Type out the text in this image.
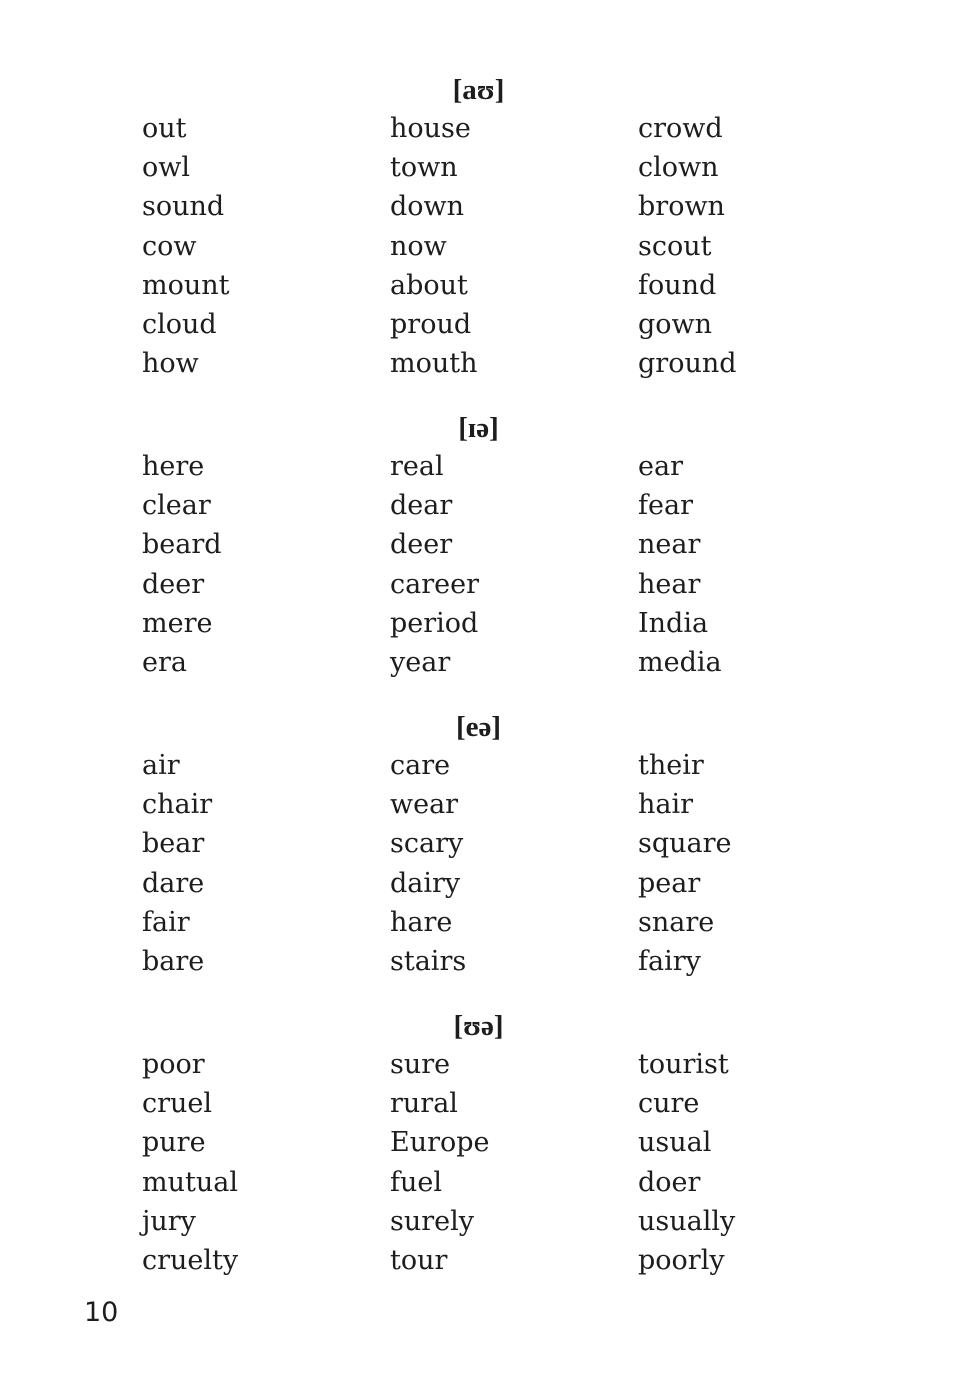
[aʊ]
out
owl
sound
cow
mount
cloud
how
house
town
down
now
about
proud
mouth
crowd
clown
brown
scout
found
gown
ground
[ɪə]
here
clear
beard
deer
mere
era
real
dear
deer
career
period
year
ear
fear
near
hear
India
media
[eə]
air
chair
bear
dare
fair
bare
care
wear
scary
dairy
hare
stairs
their
hair
square
pear
snare
fairy
[ʊə]
poor
cruel
pure
mutual
jury
cruelty
sure
rural
Europe
fuel
surely
tour
tourist
cure
usual
doer
usually
poorly
10
